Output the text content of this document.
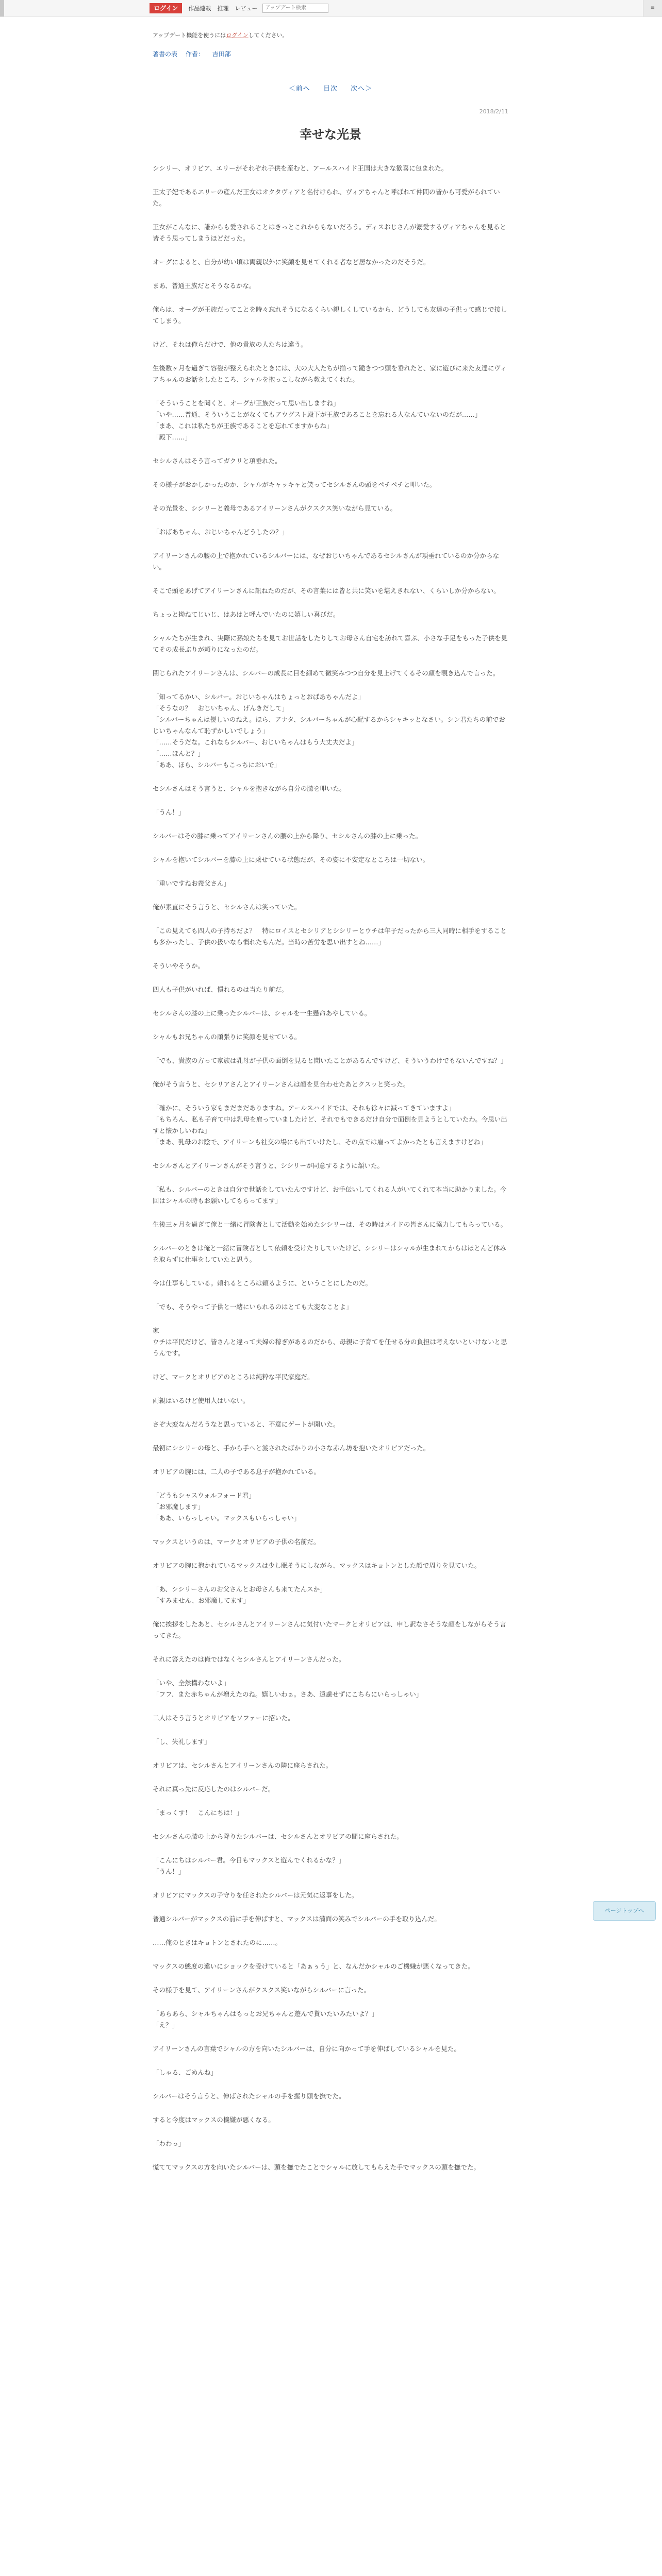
ログイン	作品連載 推理 レビュー
アップデート検索	≡
アップデート機能を使うにはログインしてください。
著書の表 作者： 吉田部
＜前へ 目次 次へ＞
2018/2/11
幸せな光景

シシリー、オリビア、エリーがそれぞれ子供を産むと、アールスハイド王国は大きな歓喜に包まれた。

王太子妃であるエリーの産んだ王女はオクタヴィアと名付けられ、ヴィアちゃんと呼ばれて仲間の皆から可愛がられていた。

王女がこんなに、誰からも愛されることはきっとこれからもないだろう。ディスおじさんが溺愛するヴィアちゃんを見ると皆そう思ってしまうほどだった。

オーグによると、自分が幼い頃は両親以外に笑顔を見せてくれる者など居なかったのだそうだ。

まあ、普通王族だとそうなるかな。

俺らは、オーグが王族だってことを時々忘れそうになるくらい親しくしているから、どうしても友達の子供って感じで接してしまう。

けど、それは俺らだけで、他の貴族の人たちは違う。

生後数ヶ月を過ぎて容姿が整えられたときには、大の大人たちが揃って跪きつつ頭を垂れたと、家に遊びに来た友達にヴィアちゃんのお話をしたところ、シャルを抱っこしながら教えてくれた。

「そういうことを聞くと、オーグが王族だって思い出しますね」
「いや……普通、そういうことがなくてもアウグスト殿下が王族であることを忘れる人なんていないのだが……」
「まあ、これは私たちが王族であることを忘れてますからね」
「殿下……」

セシルさんはそう言ってガクリと項垂れた。

その様子がおかしかったのか、シャルがキャッキャと笑ってセシルさんの頭をペチペチと叩いた。

その光景を、シシリーと義母であるアイリーンさんがクスクス笑いながら見ている。

「おばあちゃん、おじいちゃんどうしたの？」

アイリーンさんの腰の上で抱かれているシルバーには、なぜおじいちゃんであるセシルさんが項垂れているのか分からない。

そこで頭をあげてアイリーンさんに訊ねたのだが、その言葉には皆と共に笑いを堪えきれない、くらいしか分からない。

ちょっと拗ねてじいじ、はあはと呼んでいたのに嬉しい喜びだ。

シャルたちが生まれ、実際に孫娘たちを見てお世話をしたりしてお母さん自宅を訪れて喜ぶ、小さな手足をもった子供を見てその成長ぶりが頼りになったのだ。

閉じられたアイリーンさんは、シルバーの成長に目を細めて微笑みつつ自分を見上げてくるその顔を覗き込んで言った。

「知ってるかい、シルバー。おじいちゃんはちょっとおばあちゃんだよ」
「そうなの？　おじいちゃん、げんきだして」
「シルバーちゃんは優しいのねえ。ほら、アナタ、シルバーちゃんが心配するからシャキッとなさい。シン君たちの前でおじいちゃんなんて恥ずかしいでしょう」
「……そうだな。これならシルバー、おじいちゃんはもう大丈夫だよ」
「……ほんと？」
「ああ、ほら、シルバーもこっちにおいで」

セシルさんはそう言うと、シャルを抱きながら自分の膝を叩いた。

「うん！」

シルバーはその膝に乗ってアイリーンさんの腰の上から降り、セシルさんの膝の上に乗った。

シャルを抱いてシルバーを膝の上に乗せている状態だが、その姿に不安定なところは一切ない。

「重いですねお義父さん」

俺が素直にそう言うと、セシルさんは笑っていた。

「この見えても四人の子持ちだよ？　特にロイスとセシリアとシシリーとウチは年子だったから三人同時に相手をすることも多かったし、子供の扱いなら慣れたもんだ。当時の苦労を思い出すとね……」

そういやそうか。

四人も子供がいれば、慣れるのは当たり前だ。

セシルさんの膝の上に乗ったシルバーは、シャルを一生懸命あやしている。

シャルもお兄ちゃんの頑張りに笑顔を見せている。

「でも、貴族の方って家族は乳母が子供の面倒を見ると聞いたことがあるんですけど、そういうわけでもないんですね？」

俺がそう言うと、セシリアさんとアイリーンさんは顔を見合わせたあとクスッと笑った。

「確かに、そういう家もまだまだありますね。アールスハイドでは、それも徐々に減ってきていますよ」
「もちろん、私も子育て中は乳母を雇っていましたけど、それでもできるだけ自分で面倒を見ようとしていたわ。今思い出すと懐かしいわね」
「まあ、乳母のお陰で、アイリーンも社交の場にも出ていけたし、その点では雇ってよかったとも言えますけどね」

セシルさんとアイリーンさんがそう言うと、シシリーが同意するように頷いた。

「私も、シルバーのときは自分で世話をしていたんですけど、お手伝いしてくれる人がいてくれて本当に助かりました。今回はシャルの時もお願いしてもらってます」

生後三ヶ月を過ぎて俺と一緒に冒険者として活動を始めたシシリーは、その時はメイドの皆さんに協力してもらっている。

シルバーのときは俺と一緒に冒険者として依頼を受けたりしていたけど、シシリーはシャルが生まれてからはほとんど休みを取らずに仕事をしていたと思う。

今は仕事もしている。頼れるところは頼るように、ということにしたのだ。

「でも、そうやって子供と一緒にいられるのはとても大変なことよ」

家
ウチは平民だけど、皆さんと違って夫婦の稼ぎがあるのだから、母親に子育てを任せる分の負担は考えないといけないと思うんです。

けど、マークとオリビアのところは純粋な平民家庭だ。

両親はいるけど使用人はいない。

さぞ大変なんだろうなと思っていると、不意にゲートが開いた。

最初にシシリーの母と、手から手へと渡されたばかりの小さな赤ん坊を抱いたオリビアだった。

オリビアの腕には、二人の子である息子が抱かれている。

「どうもシャスウォルフォード君」
「お邪魔します」
「ああ、いらっしゃい。マックスもいらっしゃい」

マックスというのは、マークとオリビアの子供の名前だ。

オリビアの腕に抱かれているマックスは少し眠そうにしながら、マックスはキョトンとした顔で周りを見ていた。

「あ、シシリーさんのお父さんとお母さんも来てたんスか」
「すみません、お邪魔してます」

俺に挨拶をしたあと、セシルさんとアイリーンさんに気付いたマークとオリビアは、申し訳なさそうな顔をしながらそう言ってきた。

それに答えたのは俺ではなくセシルさんとアイリーンさんだった。

「いや、全然構わないよ」
「フフ、また赤ちゃんが増えたのね。嬉しいわぁ。さあ、遠慮せずにこちらにいらっしゃい」

二人はそう言うとオリビアをソファーに招いた。

「し、失礼します」

オリビアは、セシルさんとアイリーンさんの隣に座らされた。

それに真っ先に反応したのはシルバーだ。

「まっくす！　こんにちは！」

セシルさんの膝の上から降りたシルバーは、セシルさんとオリビアの間に座らされた。

「こんにちはシルバー君。今日もマックスと遊んでくれるかな？」
「うん！」

オリビアにマックスの子守りを任されたシルバーは元気に返事をした。

普通シルバーがマックスの前に手を伸ばすと、マックスは満面の笑みでシルバーの手を取り込んだ。

……俺のときはキョトンとされたのに……。

マックスの態度の違いにショックを受けていると「あぁぅう」と、なんだかシャルのご機嫌が悪くなってきた。

その様子を見て、アイリーンさんがクスクス笑いながらシルバーに言った。

「あらあら、シャルちゃんはもっとお兄ちゃんと遊んで貰いたいみたいよ？」
「え？」

アイリーンさんの言葉でシャルの方を向いたシルバーは、自分に向かって手を伸ばしているシャルを見た。

「しゃる、ごめんね」

シルバーはそう言うと、伸ばされたシャルの手を握り頭を撫でた。

すると今度はマックスの機嫌が悪くなる。

「わわっ」

慌ててマックスの方を向いたシルバーは、頭を撫でたことでシャルに放してもらえた手でマックスの頭を撫でた。

ページトップへ
